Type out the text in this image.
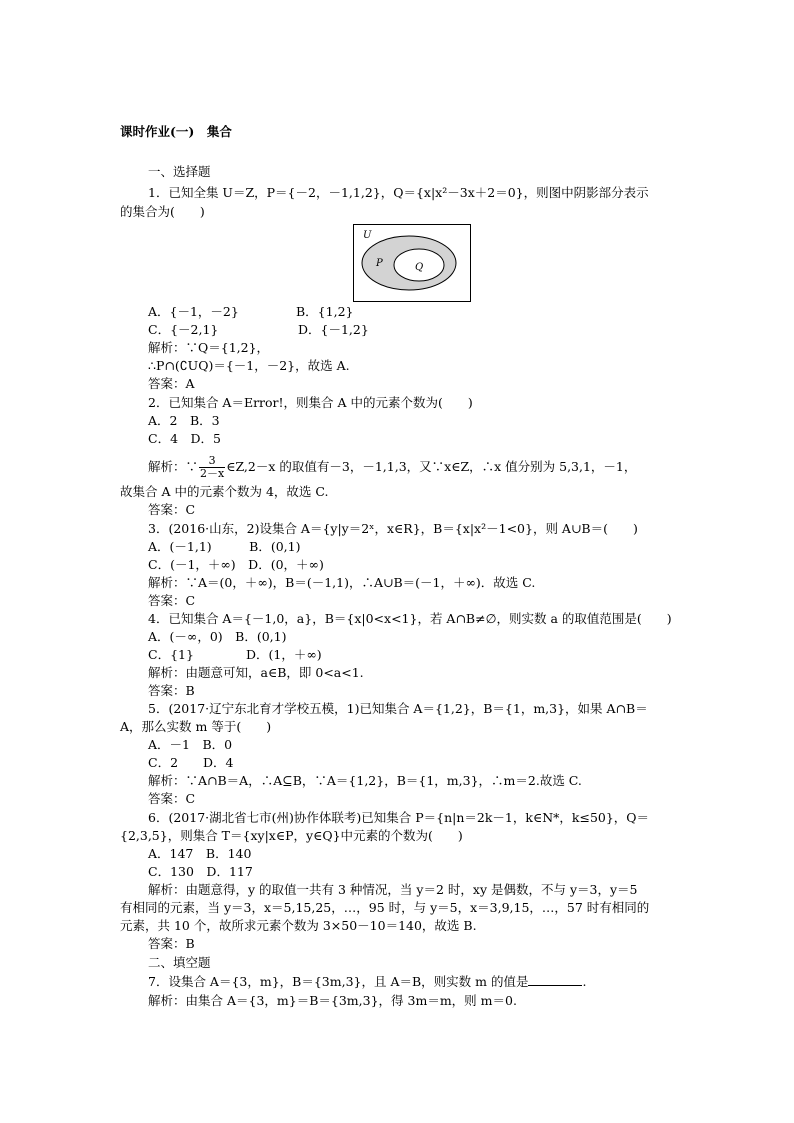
课时作业(一)　集合
一、选择题
1．已知全集 U＝Z，P＝{－2，－1,1,2}，Q＝{x|x²－3x＋2＝0}，则图中阴影部分表示
的集合为(　　)
U
P	Q
A．{－1，－2}	B．{1,2}
C．{－2,1}	D．{－1,2}
解析：∵Q＝{1,2}，
∴P∩(∁UQ)＝{－1，－2}，故选 A.
答案：A
2．已知集合 A＝Error!，则集合 A 中的元素个数为(　　)
A．2　B．3
C．4　D．5
解析：∵ $\frac{3}{2-x}$ ∈Z,2－x 的取值有－3，－1,1,3，又∵x∈Z，∴x 值分别为 5,3,1，－1，
故集合 A 中的元素个数为 4，故选 C.
答案：C
3．(2016·山东，2)设集合 A＝{y|y＝2ˣ，x∈R}，B＝{x|x²－1<0}，则 A∪B＝(　　)
A．(－1,1)　　　B．(0,1)
C．(－1，＋∞)　D．(0，＋∞)
解析：∵A＝(0，＋∞)，B＝(－1,1)，∴A∪B＝(－1，＋∞)．故选 C.
答案：C
4．已知集合 A＝{－1,0，a}，B＝{x|0<x<1}，若 A∩B≠∅，则实数 a 的取值范围是(　　)
A．(－∞，0)　B．(0,1)
C．{1}	D．(1，＋∞)
解析：由题意可知，a∈B，即 0<a<1.
答案：B
5．(2017·辽宁东北育才学校五模，1)已知集合 A＝{1,2}，B＝{1，m,3}，如果 A∩B＝
A，那么实数 m 等于(　　)
A．－1　B．0
C．2　　D．4
解析：∵A∩B＝A，∴A⊆B，∵A＝{1,2}，B＝{1，m,3}，∴m＝2.故选 C.
答案：C
6．(2017·湖北省七市(州)协作体联考)已知集合 P＝{n|n＝2k－1，k∈N*，k≤50}，Q＝
{2,3,5}，则集合 T＝{xy|x∈P，y∈Q}中元素的个数为(　　)
A．147　B．140
C．130　D．117
解析：由题意得，y 的取值一共有 3 种情况，当 y＝2 时，xy 是偶数，不与 y＝3，y＝5
有相同的元素，当 y＝3，x＝5,15,25，…，95 时，与 y＝5，x＝3,9,15，…，57 时有相同的
元素，共 10 个，故所求元素个数为 3×50－10＝140，故选 B.
答案：B
二、填空题
7．设集合 A＝{3，m}，B＝{3m,3}，且 A＝B，则实数 m 的值是	.
解析：由集合 A＝{3，m}＝B＝{3m,3}，得 3m＝m，则 m＝0.
